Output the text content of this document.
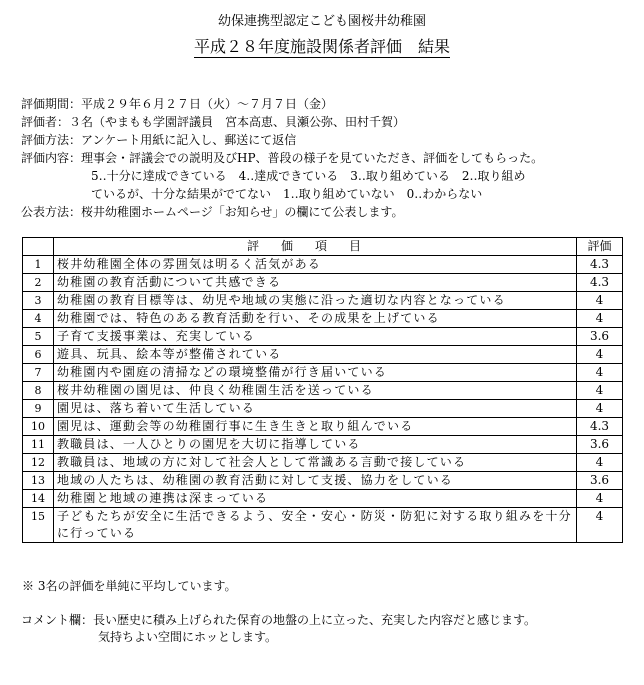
幼保連携型認定こども園桜井幼稚園
平成２８年度施設関係者評価　結果
評価期間： 平成２９年６月２７日（火）～７月７日（金）
評価者： ３名（やまもも学園評議員　宮本高恵、貝瀬公弥、田村千賀）
評価方法： アンケート用紙に記入し、郵送にて返信
評価内容： 理事会・評議会での説明及びHP、普段の様子を見ていただき、評価をしてもらった。
5‥十分に達成できている　4‥達成できている　3‥取り組めている　2‥取り組め
ているが、十分な結果がでてない　1‥取り組めていない　0‥わからない
公表方法： 桜井幼稚園ホームページ「お知らせ」の欄にて公表します。
	評価項目	評価
1	桜井幼稚園全体の雰囲気は明るく活気がある	4.3
2	幼稚園の教育活動について共感できる	4.3
3	幼稚園の教育目標等は、幼児や地域の実態に沿った適切な内容となっている	4
4	幼稚園では、特色のある教育活動を行い、その成果を上げている	4
5	子育て支援事業は、充実している	3.6
6	遊具、玩具、絵本等が整備されている	4
7	幼稚園内や園庭の清掃などの環境整備が行き届いている	4
8	桜井幼稚園の園児は、仲良く幼稚園生活を送っている	4
9	園児は、落ち着いて生活している	4
10	園児は、運動会等の幼稚園行事に生き生きと取り組んでいる	4.3
11	教職員は、一人ひとりの園児を大切に指導している	3.6
12	教職員は、地域の方に対して社会人として常識ある言動で接している	4
13	地域の人たちは、幼稚園の教育活動に対して支援、協力をしている	3.6
14	幼稚園と地域の連携は深まっている	4
15	子どもたちが安全に生活できるよう、安全・安心・防災・防犯に対する取り組みを十分に行っている	4
※ 3名の評価を単純に平均しています。
コメント欄： 長い歴史に積み上げられた保育の地盤の上に立った、充実した内容だと感じます。
気持ちよい空間にホッとします。
